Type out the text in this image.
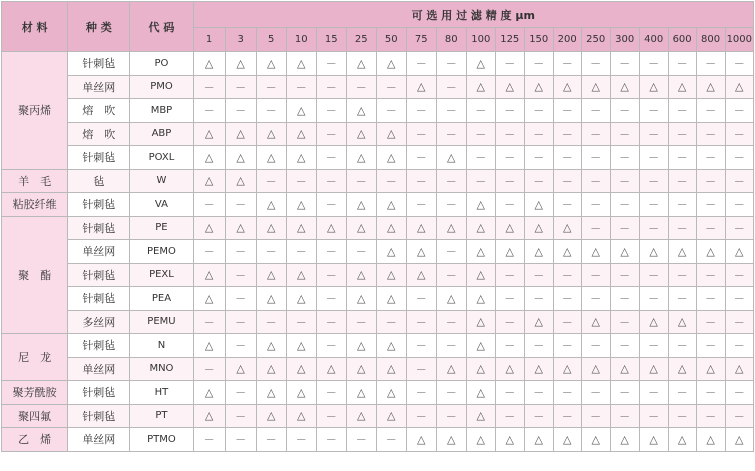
材 料	种 类	代 码	可 选 用 过 滤 精 度 μm																		
			1	3	5	10	15	25	50	75	80	100	125	150	200	250	300	400	600	800	1000
聚丙烯	针刺毡	PO	△	△	△	△	－	△	△	－	－	△	－	－	－	－	－	－	－	－	－
	单丝网	PMO	－	－	－	－	－	－	－	△	－	△	△	△	△	△	△	△	△	△	△
	熔　吹	MBP	－	－	－	△	－	△	－	－	－	－	－	－	－	－	－	－	－	－	－
	熔　吹	ABP	△	△	△	△	－	△	△	－	－	－	－	－	－	－	－	－	－	－	－
	针刺毡	POXL	△	△	△	△	－	△	△	－	△	－	－	－	－	－	－	－	－	－	－
羊　毛	毡	W	△	△	－	－	－	－	－	－	－	－	－	－	－	－	－	－	－	－	－
粘胶纤维	针刺毡	VA	－	－	△	△	－	△	△	－	－	△	－	△	－	－	－	－	－	－	－
聚　酯	针刺毡	PE	△	△	△	△	△	△	△	△	△	△	△	△	△	－	－	－	－	－	－
	单丝网	PEMO	－	－	－	－	－	－	△	△	－	△	△	△	△	△	△	△	△	△	△
	针刺毡	PEXL	△	－	△	△	－	△	△	△	－	△	－	－	－	－	－	－	－	－	－
	针刺毡	PEA	△	－	△	△	－	△	△	－	△	△	－	－	－	－	－	－	－	－	－
	多丝网	PEMU	－	－	－	－	－	－	－	－	－	△	－	△	－	△	－	△	△	－	－
尼　龙	针刺毡	N	△	－	△	△	－	△	△	－	－	△	－	－	－	－	－	－	－	－	－
	单丝网	MNO	－	△	△	△	△	△	△	－	△	△	△	△	△	△	△	△	△	△	△
聚芳酰胺	针刺毡	HT	△	－	△	△	－	△	△	－	－	△	－	－	－	－	－	－	－	－	－
聚四氟	针刺毡	PT	△	－	△	△	－	△	△	－	－	△	－	－	－	－	－	－	－	－	－
乙　烯	单丝网	PTMO	－	－	－	－	－	－	－	△	△	△	△	△	△	△	△	△	△	△	△
